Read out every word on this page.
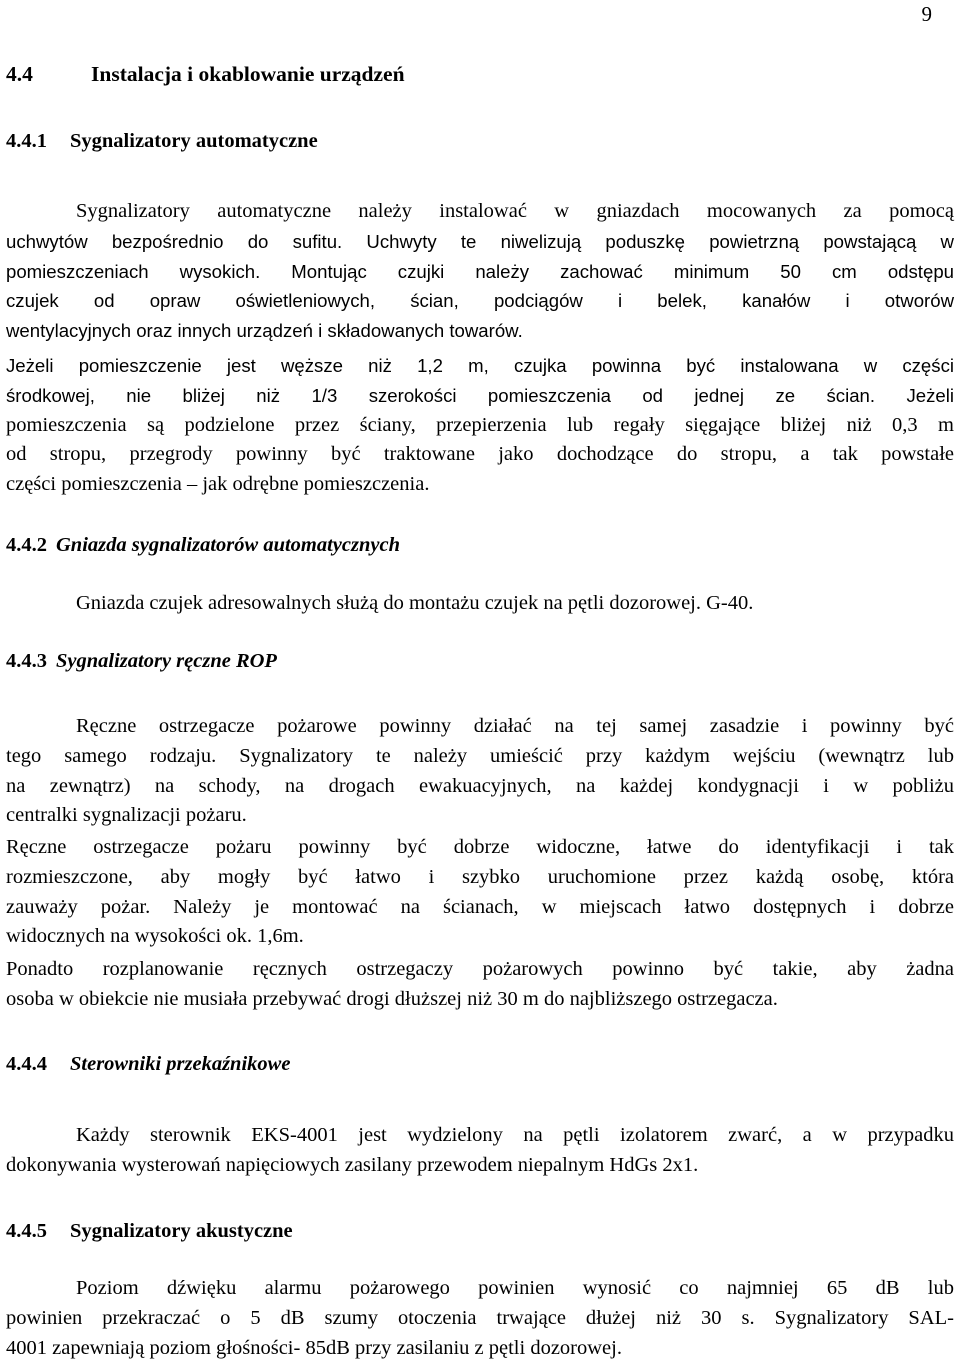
9
4.4	Instalacja i okablowanie urządzeń
4.4.1 Sygnalizatory automatyczne
Sygnalizatory automatyczne należy instalować w gniazdach mocowanych za pomocą
uchwytów bezpośrednio do sufitu. Uchwyty te niwelizują poduszkę powietrzną powstającą w
pomieszczeniach wysokich. Montując czujki należy zachować minimum 50 cm odstępu
czujek od opraw oświetleniowych, ścian, podciągów i belek, kanałów i otworów
wentylacyjnych oraz innych urządzeń i składowanych towarów.
Jeżeli pomieszczenie jest węższe niż 1,2 m, czujka powinna być instalowana w części
środkowej, nie bliżej niż 1/3 szerokości pomieszczenia od jednej ze ścian. Jeżeli
pomieszczenia są podzielone przez ściany, przepierzenia lub regały sięgające bliżej niż 0,3 m
od stropu, przegrody powinny być traktowane jako dochodzące do stropu, a tak powstałe
części pomieszczenia – jak odrębne pomieszczenia.
4.4.2 Gniazda sygnalizatorów automatycznych
Gniazda czujek adresowalnych służą do montażu czujek na pętli dozorowej. G-40.
4.4.3 Sygnalizatory ręczne ROP
Ręczne ostrzegacze pożarowe powinny działać na tej samej zasadzie i powinny być
tego samego rodzaju. Sygnalizatory te należy umieścić przy każdym wejściu (wewnątrz lub
na zewnątrz) na schody, na drogach ewakuacyjnych, na każdej kondygnacji i w pobliżu
centralki sygnalizacji pożaru.
Ręczne ostrzegacze pożaru powinny być dobrze widoczne, łatwe do identyfikacji i tak
rozmieszczone, aby mogły być łatwo i szybko uruchomione przez każdą osobę, która
zauważy pożar. Należy je montować na ścianach, w miejscach łatwo dostępnych i dobrze
widocznych na wysokości ok. 1,6m.
Ponadto rozplanowanie ręcznych ostrzegaczy pożarowych powinno być takie, aby żadna
osoba w obiekcie nie musiała przebywać drogi dłuższej niż 30 m do najbliższego ostrzegacza.
4.4.4 Sterowniki przekaźnikowe
Każdy sterownik EKS-4001 jest wydzielony na pętli izolatorem zwarć, a w przypadku
dokonywania wysterowań napięciowych zasilany przewodem niepalnym HdGs 2x1.
4.4.5 Sygnalizatory akustyczne
Poziom dźwięku alarmu pożarowego powinien wynosić co najmniej 65 dB lub
powinien przekraczać o 5 dB szumy otoczenia trwające dłużej niż 30 s. Sygnalizatory SAL-
4001 zapewniają poziom głośności- 85dB przy zasilaniu z pętli dozorowej.
